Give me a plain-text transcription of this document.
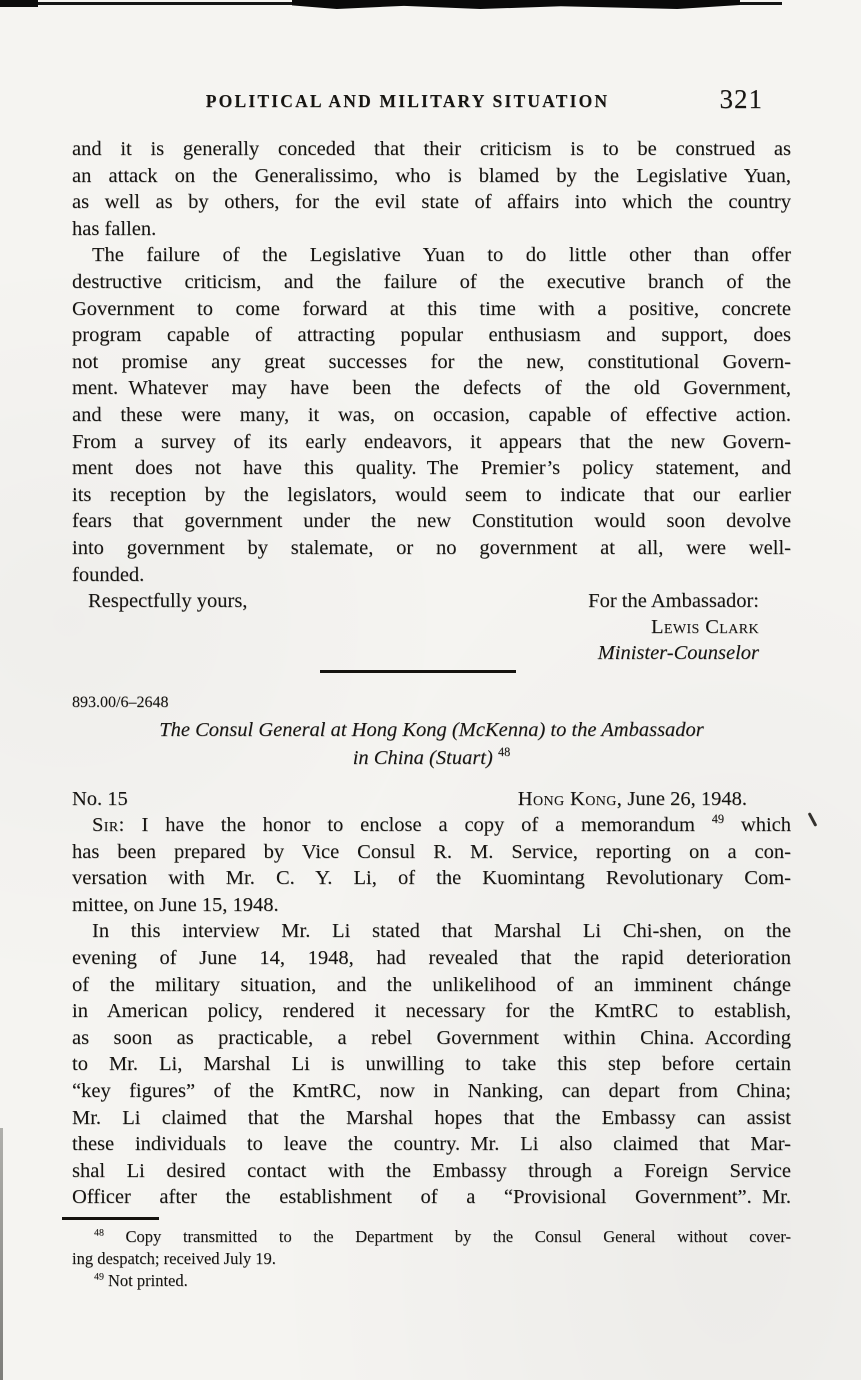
POLITICAL AND MILITARY SITUATION	321
and it is generally conceded that their criticism is to be construed as
an attack on the Generalissimo, who is blamed by the Legislative Yuan,
as well as by others, for the evil state of affairs into which the country
has fallen.
The failure of the Legislative Yuan to do little other than offer
destructive criticism, and the failure of the executive branch of the
Government to come forward at this time with a positive, concrete
program capable of attracting popular enthusiasm and support, does
not promise any great successes for the new, constitutional Govern-
ment. Whatever may have been the defects of the old Government,
and these were many, it was, on occasion, capable of effective action.
From a survey of its early endeavors, it appears that the new Govern-
ment does not have this quality. The Premier’s policy statement, and
its reception by the legislators, would seem to indicate that our earlier
fears that government under the new Constitution would soon devolve
into government by stalemate, or no government at all, were well-
founded.
Respectfully yours,	For the Ambassador:
Lewis Clark
Minister-Counselor
893.00/6–2648
The Consul General at Hong Kong (McKenna) to the Ambassador
in China (Stuart) $^{48}$
No. 15	Hong Kong, June 26, 1948.
Sir: I have the honor to enclose a copy of a memorandum $^{49}$ which
has been prepared by Vice Consul R. M. Service, reporting on a con-
versation with Mr. C. Y. Li, of the Kuomintang Revolutionary Com-
mittee, on June 15, 1948.
In this interview Mr. Li stated that Marshal Li Chi-shen, on the
evening of June 14, 1948, had revealed that the rapid deterioration
of the military situation, and the unlikelihood of an imminent chánge
in American policy, rendered it necessary for the KmtRC to establish,
as soon as practicable, a rebel Government within China. According
to Mr. Li, Marshal Li is unwilling to take this step before certain
“key figures” of the KmtRC, now in Nanking, can depart from China;
Mr. Li claimed that the Marshal hopes that the Embassy can assist
these individuals to leave the country. Mr. Li also claimed that Mar-
shal Li desired contact with the Embassy through a Foreign Service
Officer after the establishment of a “Provisional Government”. Mr.
$^{48}$ Copy transmitted to the Department by the Consul General without cover-
ing despatch; received July 19.
$^{49}$ Not printed.
